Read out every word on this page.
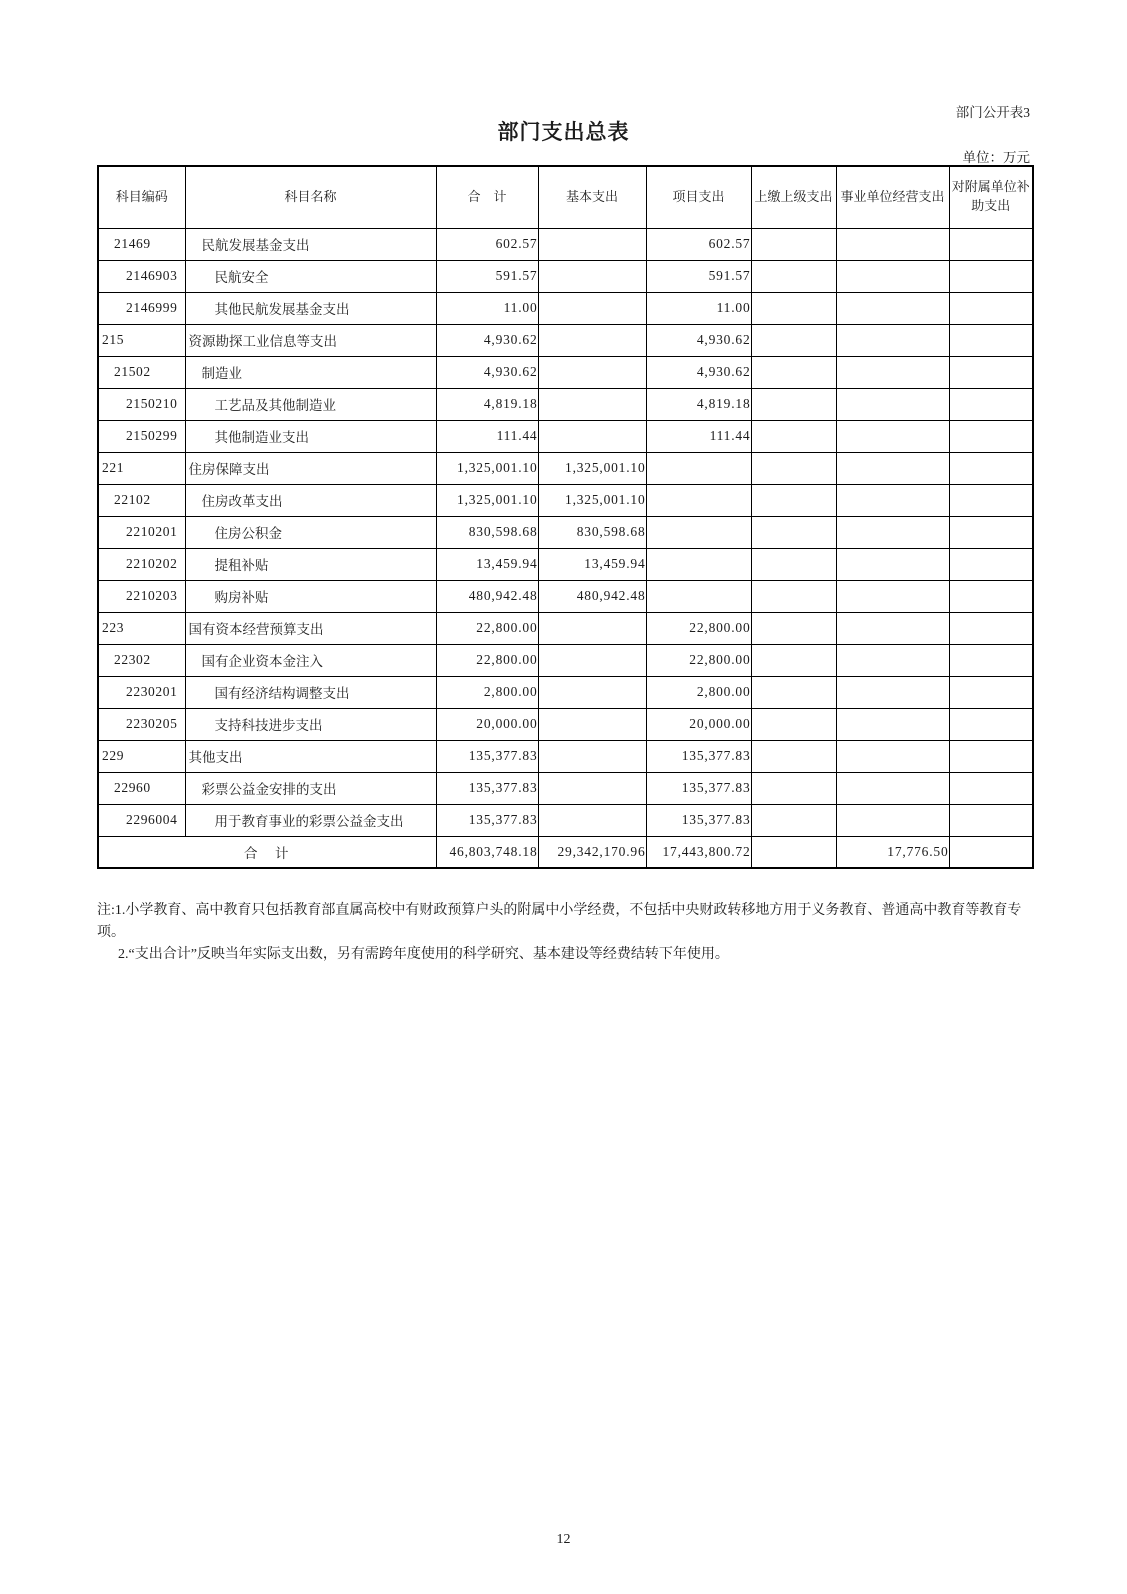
部门公开表3
部门支出总表
单位：万元
科目编码	科目名称	合　计	基本支出	项目支出	上缴上级支出	事业单位经营支出	对附属单位补助支出
21469	民航发展基金支出	602.57		602.57			
2146903	民航安全	591.57		591.57			
2146999	其他民航发展基金支出	11.00		11.00			
215	资源勘探工业信息等支出	4,930.62		4,930.62			
21502	制造业	4,930.62		4,930.62			
2150210	工艺品及其他制造业	4,819.18		4,819.18			
2150299	其他制造业支出	111.44		111.44			
221	住房保障支出	1,325,001.10	1,325,001.10				
22102	住房改革支出	1,325,001.10	1,325,001.10				
2210201	住房公积金	830,598.68	830,598.68				
2210202	提租补贴	13,459.94	13,459.94				
2210203	购房补贴	480,942.48	480,942.48				
223	国有资本经营预算支出	22,800.00		22,800.00			
22302	国有企业资本金注入	22,800.00		22,800.00			
2230201	国有经济结构调整支出	2,800.00		2,800.00			
2230205	支持科技进步支出	20,000.00		20,000.00			
229	其他支出	135,377.83		135,377.83			
22960	彩票公益金安排的支出	135,377.83		135,377.83			
2296004	用于教育事业的彩票公益金支出	135,377.83		135,377.83			
合　计		46,803,748.18	29,342,170.96	17,443,800.72		17,776.50	
注:1.小学教育、高中教育只包括教育部直属高校中有财政预算户头的附属中小学经费，不包括中央财政转移地方用于义务教育、普通高中教育等教育专项。
2.“支出合计”反映当年实际支出数，另有需跨年度使用的科学研究、基本建设等经费结转下年使用。
12
